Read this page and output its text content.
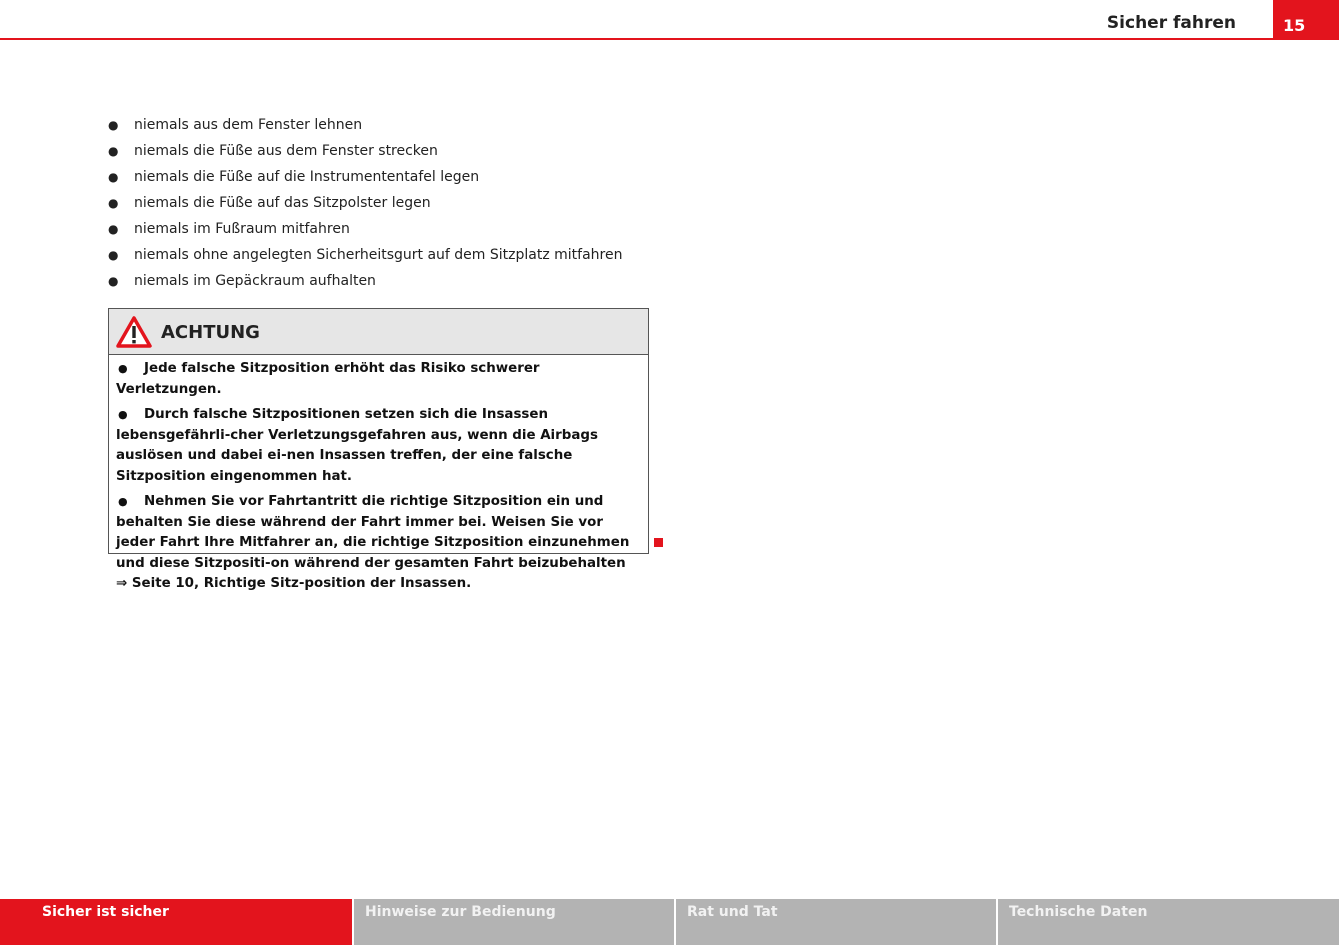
Sicher fahren	15
● niemals aus dem Fenster lehnen
● niemals die Füße aus dem Fenster strecken
● niemals die Füße auf die Instrumententafel legen
● niemals die Füße auf das Sitzpolster legen
● niemals im Fußraum mitfahren
● niemals ohne angelegten Sicherheitsgurt auf dem Sitzplatz mitfahren
● niemals im Gepäckraum aufhalten
ACHTUNG
● Jede falsche Sitzposition erhöht das Risiko schwerer Verletzungen.
● Durch falsche Sitzpositionen setzen sich die Insassen lebensgefährli-cher Verletzungsgefahren aus, wenn die Airbags auslösen und dabei ei-nen Insassen treffen, der eine falsche Sitzposition eingenommen hat.
● Nehmen Sie vor Fahrtantritt die richtige Sitzposition ein und behalten Sie diese während der Fahrt immer bei. Weisen Sie vor jeder Fahrt Ihre Mitfahrer an, die richtige Sitzposition einzunehmen und diese Sitzpositi-on während der gesamten Fahrt beizubehalten ⇒ Seite 10, Richtige Sitz-position der Insassen.
Sicher ist sicher	Hinweise zur Bedienung	Rat und Tat	Technische Daten
